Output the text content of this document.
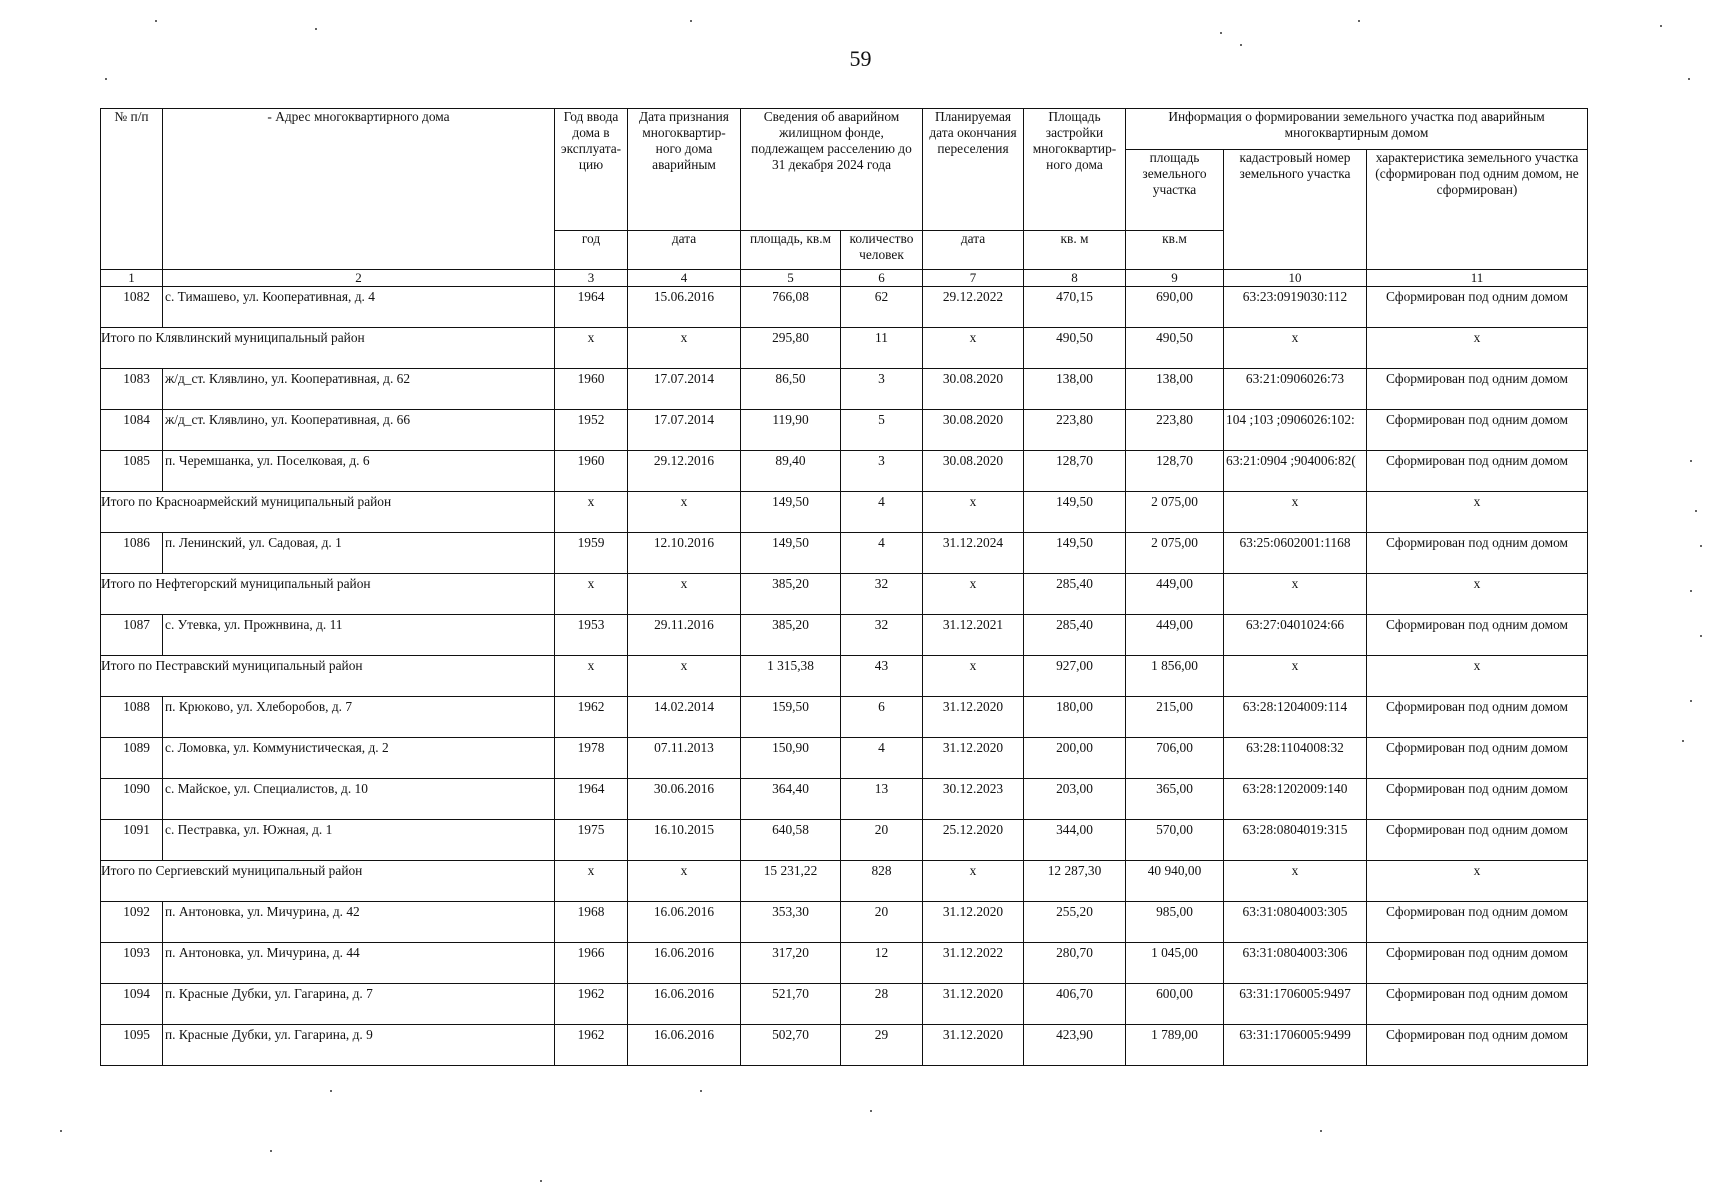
59
№ п/п	- Адрес многоквартирного дома	Год ввода дома в эксплуата-цию	Дата признания многоквартир-ного дома аварийным	Сведения об аварийном жилищном фонде, подлежащем расселению до 31 декабря 2024 года		Планируемая дата окончания переселения	Площадь застройки многоквартир-ного дома	Информация о формировании земельного участка под аварийным многоквартирным домом		
								площадь земельного участка	кадастровый номер земельного участка	характеристика земельного участка (сформирован под одним домом, не сформирован)
		год	дата	площадь, кв.м	количество человек	дата	кв. м	кв.м		
1	2	3	4	5	6	7	8	9	10	11
1082	с. Тимашево, ул. Кооперативная, д. 4	1964	15.06.2016	766,08	62	29.12.2022	470,15	690,00	63:23:0919030:112	Сформирован под одним домом
Итого по Клявлинский муниципальный район		х	х	295,80	11	х	490,50	490,50	х	х
1083	ж/д_ст. Клявлино, ул. Кооперативная, д. 62	1960	17.07.2014	86,50	3	30.08.2020	138,00	138,00	63:21:0906026:73	Сформирован под одним домом
1084	ж/д_ст. Клявлино, ул. Кооперативная, д. 66	1952	17.07.2014	119,90	5	30.08.2020	223,80	223,80	:0906026:102; 103; 104	Сформирован под одним домом
1085	п. Черемшанка, ул. Поселковая, д. 6	1960	29.12.2016	89,40	3	30.08.2020	128,70	128,70	)904006:82; 63:21:0904	Сформирован под одним домом
Итого по Красноармейский муниципальный район		х	х	149,50	4	х	149,50	2 075,00	х	х
1086	п. Ленинский, ул. Садовая, д. 1	1959	12.10.2016	149,50	4	31.12.2024	149,50	2 075,00	63:25:0602001:1168	Сформирован под одним домом
Итого по Нефтегорский муниципальный район		х	х	385,20	32	х	285,40	449,00	х	х
1087	с. Утевка, ул. Прожнвина, д. 11	1953	29.11.2016	385,20	32	31.12.2021	285,40	449,00	63:27:0401024:66	Сформирован под одним домом
Итого по Пестравский муниципальный район		х	х	1 315,38	43	х	927,00	1 856,00	х	х
1088	п. Крюково, ул. Хлеборобов, д. 7	1962	14.02.2014	159,50	6	31.12.2020	180,00	215,00	63:28:1204009:114	Сформирован под одним домом
1089	с. Ломовка, ул. Коммунистическая, д. 2	1978	07.11.2013	150,90	4	31.12.2020	200,00	706,00	63:28:1104008:32	Сформирован под одним домом
1090	с. Майское, ул. Специалистов, д. 10	1964	30.06.2016	364,40	13	30.12.2023	203,00	365,00	63:28:1202009:140	Сформирован под одним домом
1091	с. Пестравка, ул. Южная, д. 1	1975	16.10.2015	640,58	20	25.12.2020	344,00	570,00	63:28:0804019:315	Сформирован под одним домом
Итого по Сергиевский муниципальный район		х	х	15 231,22	828	х	12 287,30	40 940,00	х	х
1092	п. Антоновка, ул. Мичурина, д. 42	1968	16.06.2016	353,30	20	31.12.2020	255,20	985,00	63:31:0804003:305	Сформирован под одним домом
1093	п. Антоновка, ул. Мичурина, д. 44	1966	16.06.2016	317,20	12	31.12.2022	280,70	1 045,00	63:31:0804003:306	Сформирован под одним домом
1094	п. Красные Дубки, ул. Гагарина, д. 7	1962	16.06.2016	521,70	28	31.12.2020	406,70	600,00	63:31:1706005:9497	Сформирован под одним домом
1095	п. Красные Дубки, ул. Гагарина, д. 9	1962	16.06.2016	502,70	29	31.12.2020	423,90	1 789,00	63:31:1706005:9499	Сформирован под одним домом
